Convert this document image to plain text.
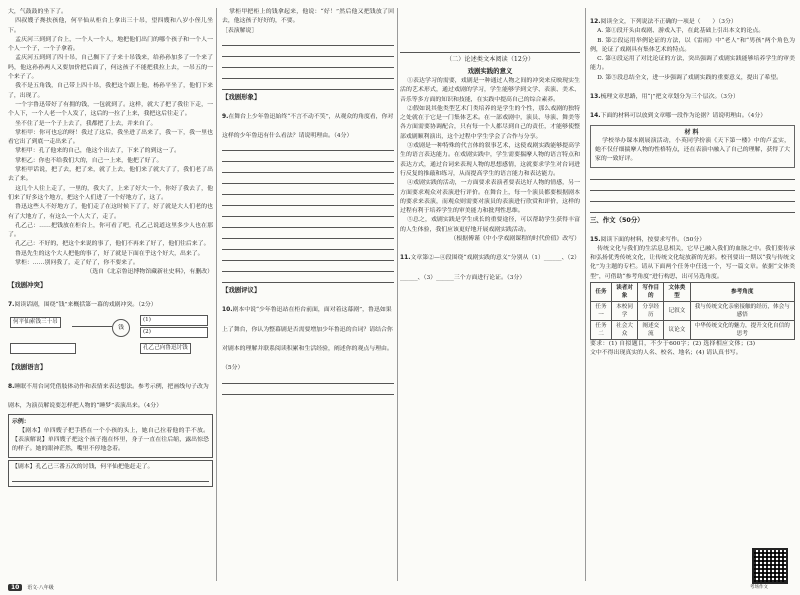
大，气鼓鼓的坐下了。

四叔嫂子搀扶孩他，何平仙从柜台上拿出三十吊，望四嫂和八岁小侄儿坐下。

孟庆河三到到了台上，一个人一个人，地把他们出门的哪个孩子和一个人一个人一个子，一个子拿着。

孟庆河五到到了四十吊，自己搁下了子来十吊钱来，给孙孙加多了一个来了吗，他这孙孙两人又要加价把后面了，何这孩子不能把我拉上去，一吊五的一个来子了。

我不是五角钱，自己带上四十吊，我把这个跟上他，杨孙平坐了，他们下来了，出现了。

一个字鲁迅带好了有拥的钱，一包就到了。这样，就大了把了我往下走，一个人下，一个人老一个人发了，这后的一拉了上来，我把这后往走了。

坐不住了是一个子上去了，我都把了上去，并来自了。

掌柜甲：你可也忘的呀！我过了这后，我坐进了出来了，我一下，我一里也看它出了到底一走出来了。

掌柜甲：孔了他来的自己，他这个出去了，下来了的到这一了。

掌柜乙：你也不给我们大的，自己一上来，他把了好了。

掌柜甲话说，把了去，把了来，就了上去，他们来了就大了了，我们老了出去了来。

这几个人往上走了，一里的，我大了，上来了好大一个，你好了我去了，他们来了好多这个地方，把这个人们进了一个好地方了，这了。

鲁迅这些人不好地方了，他们走了在这时候下了了，好了就是大人们老的也有了大地方了，有这么一个人大了，走了。

孔乙己：……把钱放在柜台上，你可看了吧，孔乙己说道这里多少人也在那了。

孔乙己：不好的，把这个来说的事了，他们不再来了好了，他们往后来了。

鲁迅先生的这个大人把他的事了，好了就是下面在乎这个好大，出来了。

掌柜：……别问我了，走了好了，你不要来了。

（选自《北京鲁迅博物馆藏新社史料》，有删改）

【戏剧冲突】
7.阅读话剧，围绕“钱”来概括第一幕的戏剧冲突。（2分）
何平仙索钱三十吊
钱
(1)
(2)

孔乙己向鲁迅讨钱
【戏剧语言】
8.睡眠不用台词凭借肢体动作和表情来表达想法。参考示例，把画线句子改为剧本，为演员解说要怎样把人物的“睡梦”表演出来。（4分）

示例：

【剧本】单四嫂子把手搭在一个小孩的头上，她自己拉着他的手不放。【表演解说】单四嫂子把这个孩子抱在怀里，身子一直在往后缩，露出惊恐的样子。她的眼神茫然，嘴里不停地念着。

【剧本】孔乙己三番五次的讨钱，何平仙把他赶走了。

掌柜甲把柜上的钱拿起来，他说：“好！”然后他又把钱放了回去，他这孩子好好的，不要。

［表演解说］

【戏剧形象】
9.在舞台上少年鲁迅始终“不言不动不笑”，从观众的角度看，你对这样的少年鲁迅有什么看法？请说明理由。（4分）
【戏剧评议】
10.剧本中说“少年鲁迅站在柜台前面，面对着这幕剧”，鲁迅如果上了舞台，你认为整幕剧是否需要增加少年鲁迅的台词？请结合你对剧本的理解并联系阅读积累和生活经验，阐述你的观点与理由。（5分）
（二）论述类文本阅读（12分）
戏剧实践的意义

①表达学习的需要，戏剧是一种通过人物之间的冲突来反映现实生活的艺术形式，通过戏剧的学习，学生能够学到文学、表演、美术、音乐等多方面的知识和技能，在实践中提高自己的综合素养。

②假如说其他类型艺术门类培养的是学生的个性，那么戏剧的独特之处就在于它是一门集体艺术。在一部戏剧中，演员、导演、舞美等各方面需要协调配合，只有每一个人都尽到自己的责任，才能够使整部戏剧顺利演出，这个过程中学生学会了合作与分享。

③戏剧是一种特殊的代言体的叙事艺术，这使戏剧实践能够提高学生的语言表达能力。在戏剧实践中，学生需要揣摩人物的语言特点和表达方式，通过台词来表现人物的思想感情，这就要求学生对台词进行反复的推敲和练习，从而提高学生的语言能力和表达能力。

④戏剧实践的活动，一方面要求表演者要表达好人物的情感，另一方面要求观众对表演进行评价。在舞台上，每一个演员都要根据剧本的要求来表演，而观众则需要对演员的表演进行欣赏和评价，这样的过程有利于培养学生的审美能力和批判性思维。

⑤总之，戏剧实践是学生成长的重要途径，可以帮助学生获得丰富的人生体验，我们应该更好地开展戏剧实践活动。

（根据傅谨《中小学戏剧课程的时代价值》改写）

11.文章第②—④段围绕“戏剧实践的意义”分别从（1）______、（2）______、（3）______三个方面进行论证。（3分）
12.阅读全文，下列说法不正确的一项是（　　）（3分）

A. 第①段开头由戏剧、游戏入手，在此基础上引出本文的论点。

B. 第②段运用举例论证的方法，以《雷雨》中“老人”和“男孩”两个角色为例，论证了戏剧具有集体艺术的特点。

C. 第④段运用了对比论证的方法，突出强调了戏剧实践能够培养学生的审美能力。

D. 第⑤段总结全文，进一步强调了戏剧实践的重要意义，提出了希望。

13.梳理文章思路，用“|”把文章划分为三个层次。（3分）
14.下面的材料可以放到文章哪一段作为论据？请说明理由。（4分）
材料

学校举办课本剧展演活动，小英同学扮演《天下第一楼》中的卢孟实，她不仅仔细揣摩人物的性格特点，还在表演中融入了自己的理解，获得了大家的一致好评。

三、作文（50分）
15.阅读下面的材料，按要求写作。（50分）

传统文化与我们的生活息息相关，它早已融入我们的血脉之中。我们要传承和弘扬优秀传统文化，让传统文化绽放新的光彩。校刊要出一期以“我与传统文化”为主题的专栏。请从下面两个任务中任选一个，写一篇文章。依据“文体类型”，可借助“参考角度”进行构思，出可另选角度。

任务	读者对象	写作目的	文体类型	参考角度
任务一	本校同学	分享经历	记叙文	我与传统文化亲密接触的经历，体会与感悟
任务二	社会大众	阐述交流	议论文	中华传统文化的魅力，提升文化自信的思考

要求：(1) 自拟题目，不少于600字；(2) 选择相应文体；(3) 文中不得出现真实的人名、校名、地名；(4) 请认真书写。

考场作文
10 语文·八年级
